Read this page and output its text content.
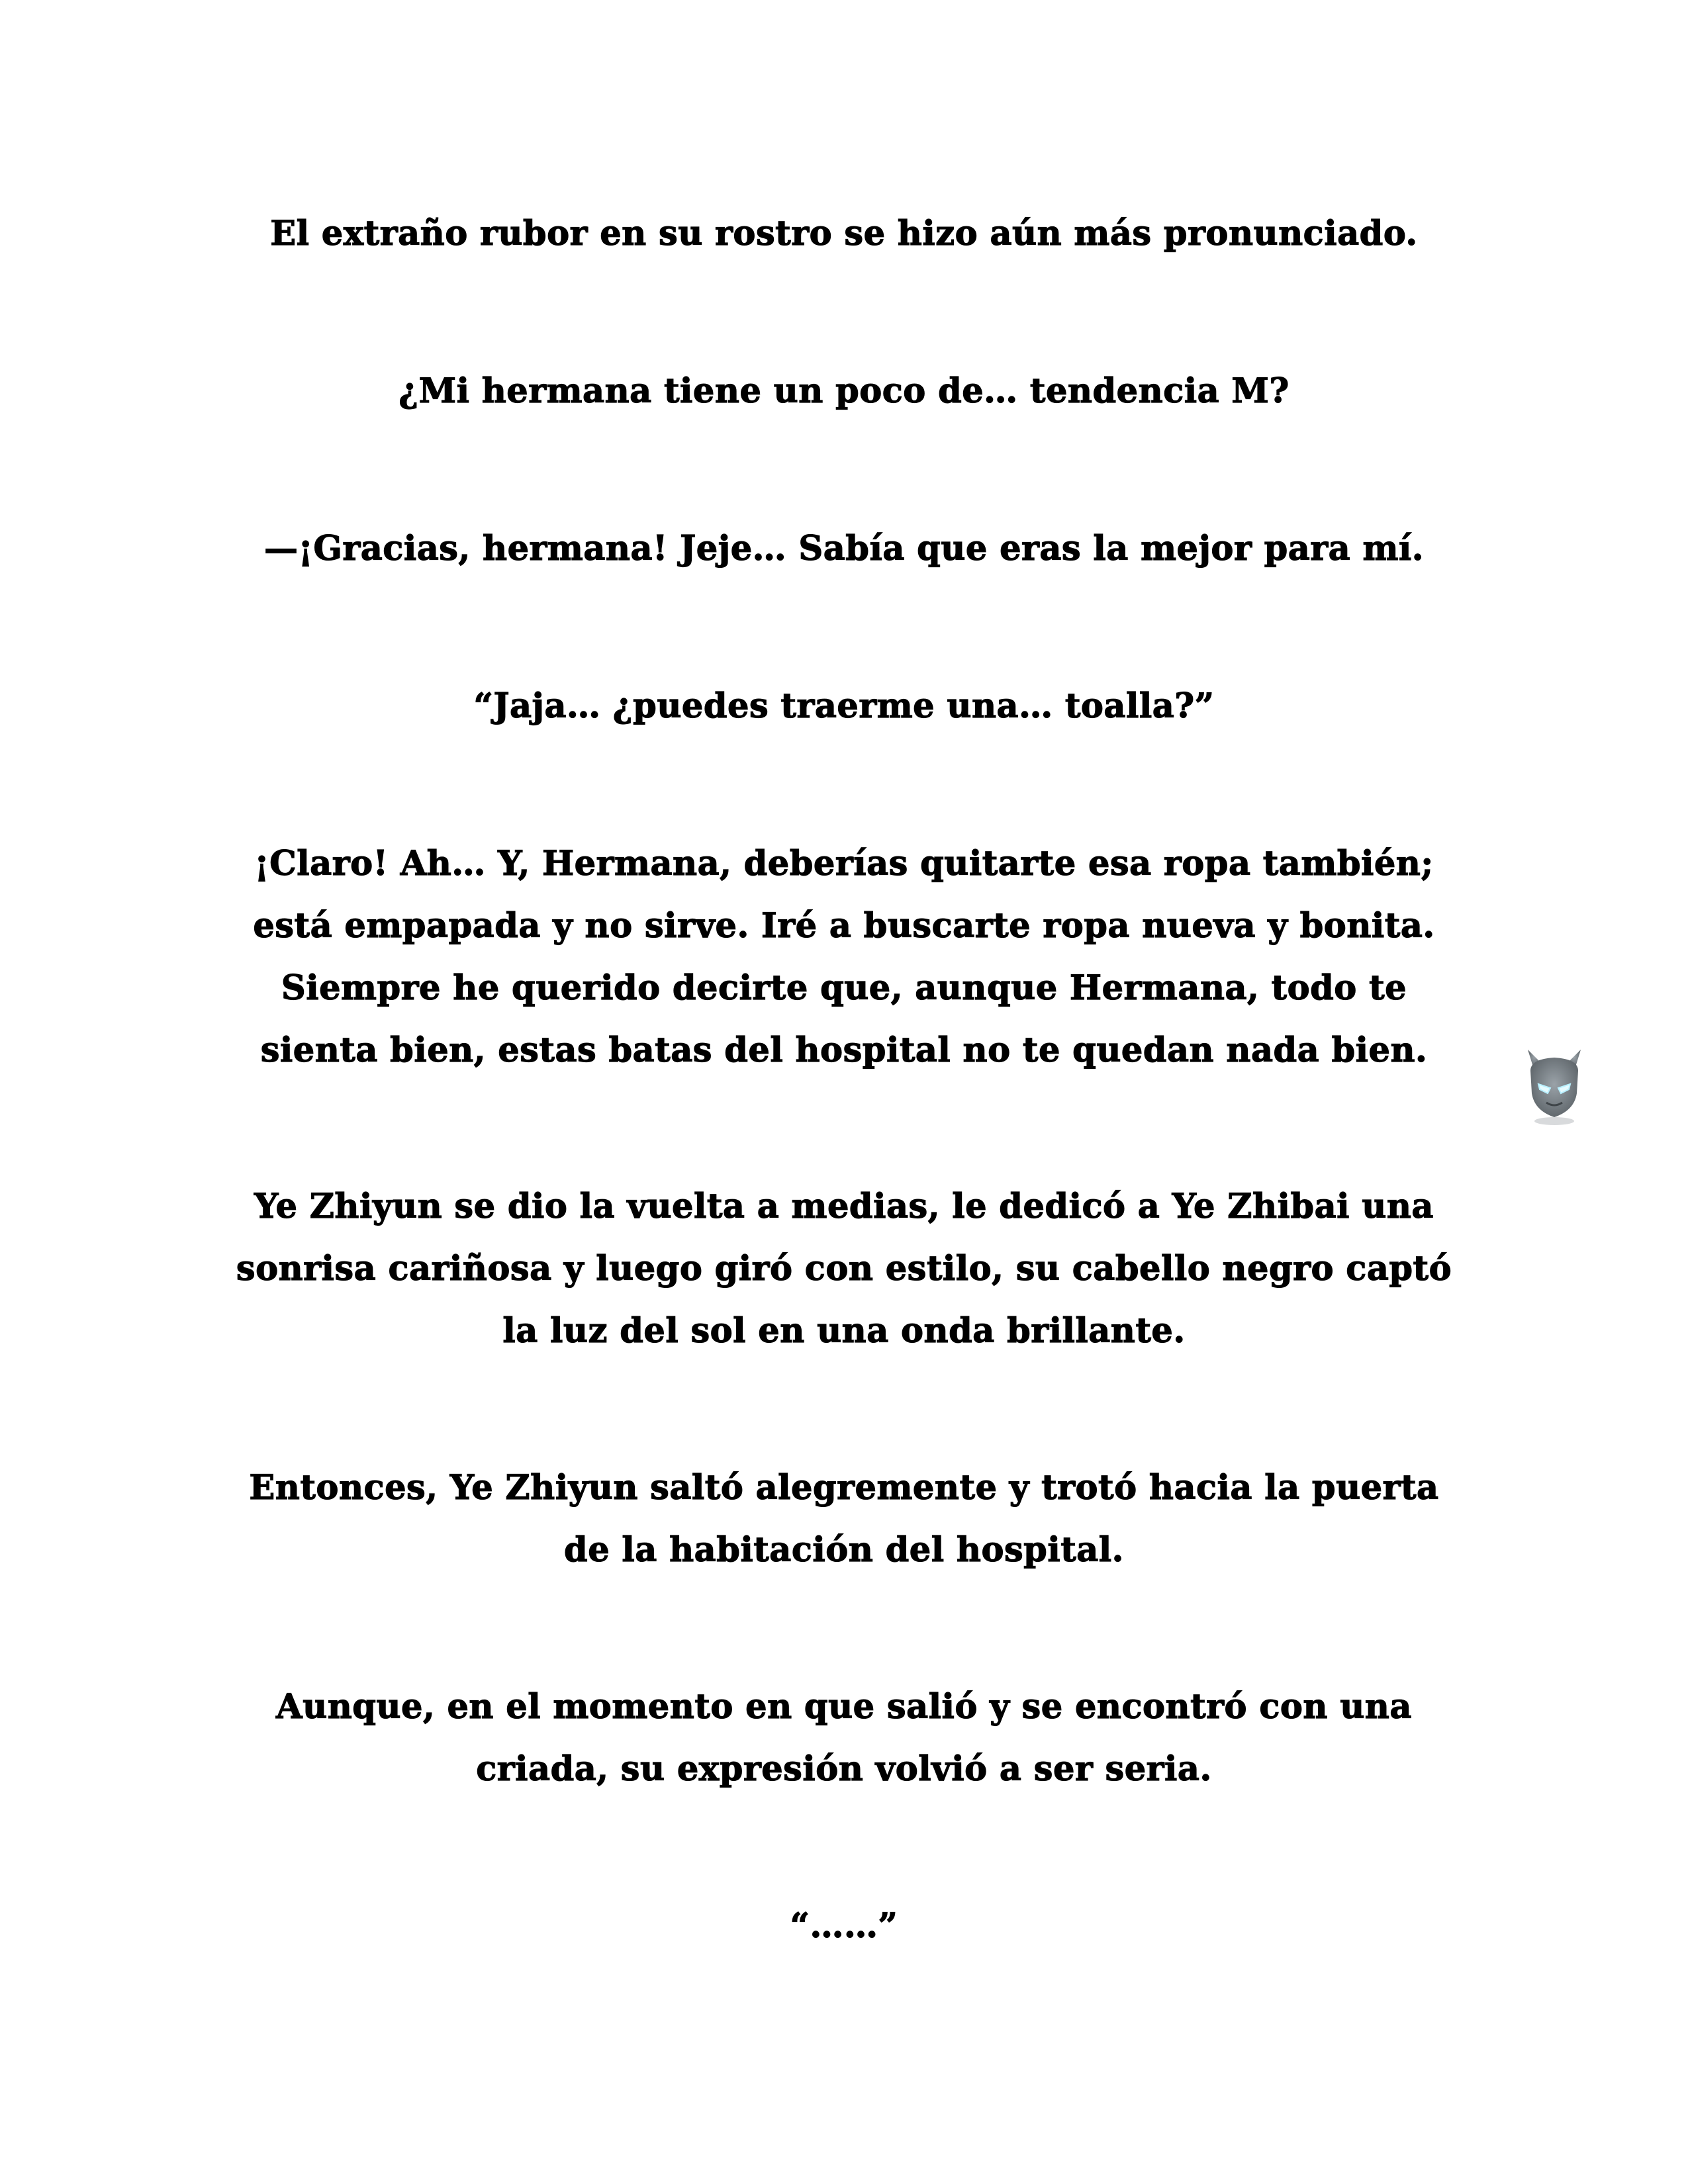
El extraño rubor en su rostro se hizo aún más pronunciado.

¿Mi hermana tiene un poco de… tendencia M?

—¡Gracias, hermana! Jeje… Sabía que eras la mejor para mí.

“Jaja… ¿puedes traerme una… toalla?”

¡Claro! Ah… Y, Hermana, deberías quitarte esa ropa también;
está empapada y no sirve. Iré a buscarte ropa nueva y bonita.
Siempre he querido decirte que, aunque Hermana, todo te
sienta bien, estas batas del hospital no te quedan nada bien.

Ye Zhiyun se dio la vuelta a medias, le dedicó a Ye Zhibai una
sonrisa cariñosa y luego giró con estilo, su cabello negro captó
la luz del sol en una onda brillante.

Entonces, Ye Zhiyun saltó alegremente y trotó hacia la puerta
de la habitación del hospital.

Aunque, en el momento en que salió y se encontró con una
criada, su expresión volvió a ser seria.

“……”
